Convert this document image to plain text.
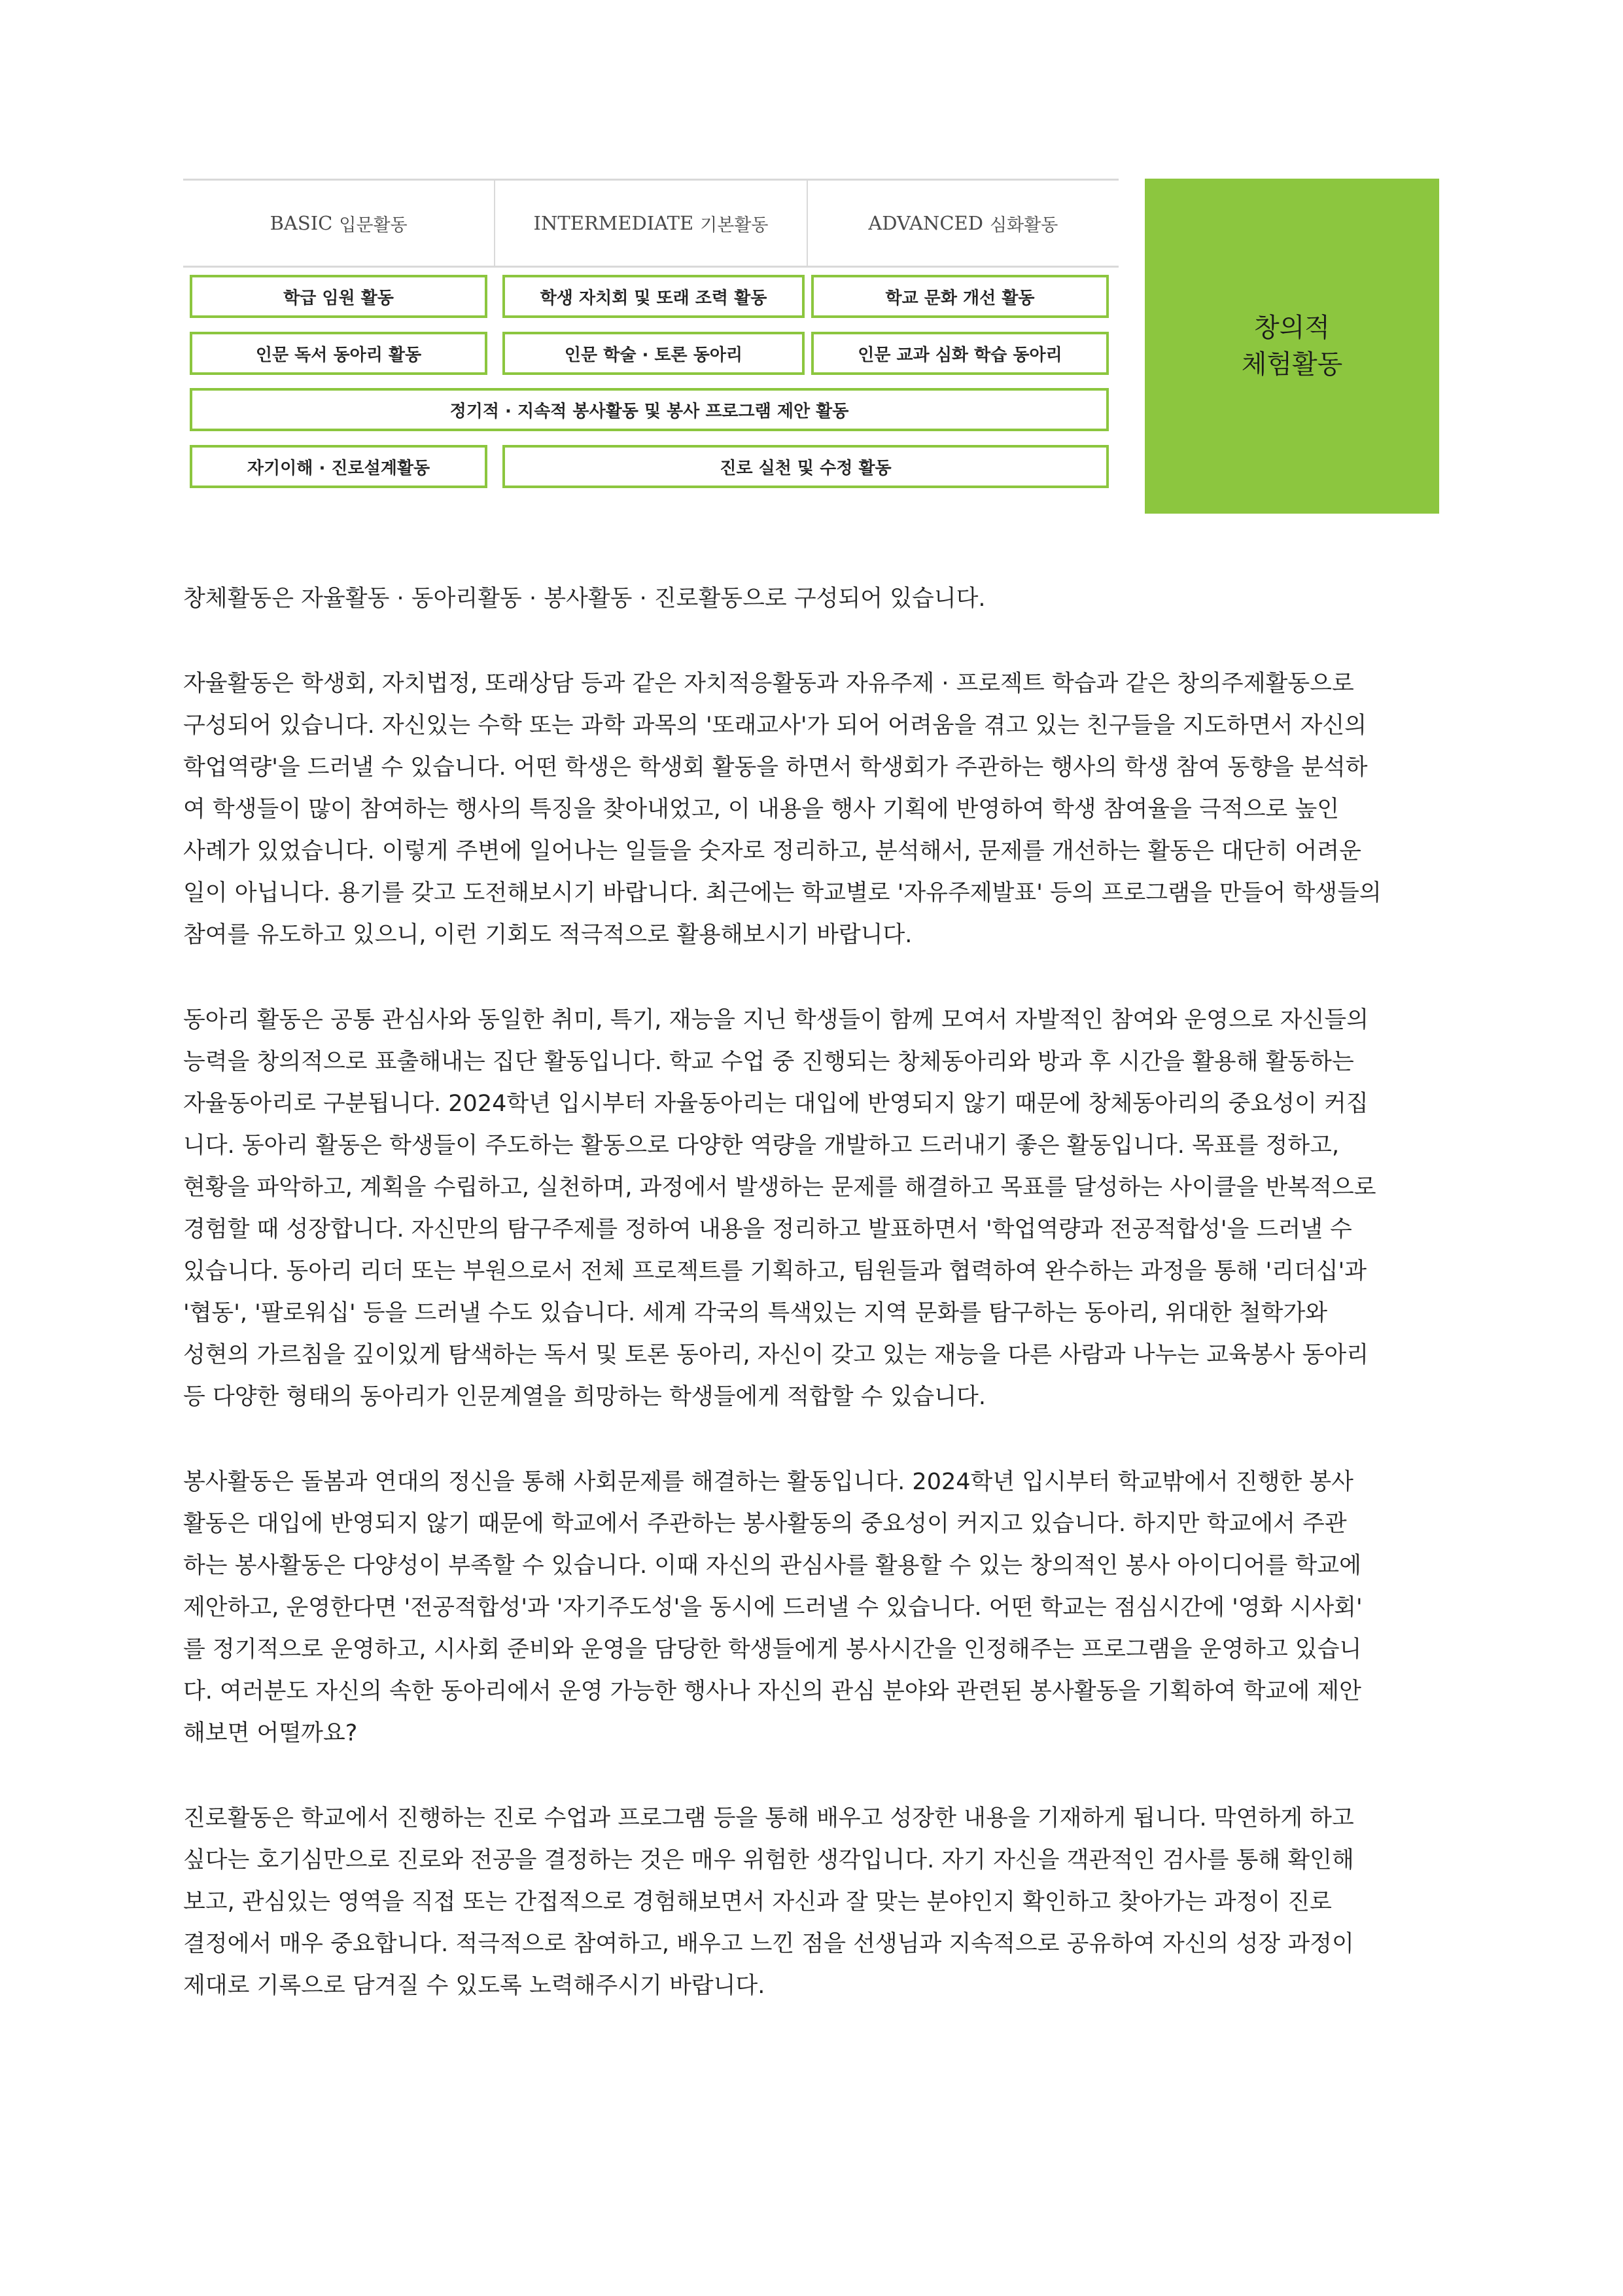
BASIC 입문활동	INTERMEDIATE 기본활동	ADVANCED 심화활동
학급 임원 활동	학생 자치회 및 또래 조력 활동	학교 문화 개선 활동
인문 독서 동아리 활동	인문 학술 · 토론 동아리	인문 교과 심화 학습 동아리
정기적 · 지속적 봉사활동 및 봉사 프로그램 제안 활동
자기이해 · 진로설계활동	진로 실천 및 수정 활동
창의적
체험활동
창체활동은 자율활동 · 동아리활동 · 봉사활동 · 진로활동으로 구성되어 있습니다.
자율활동은 학생회, 자치법정, 또래상담 등과 같은 자치적응활동과 자유주제 · 프로젝트 학습과 같은 창의주제활동으로
구성되어 있습니다. 자신있는 수학 또는 과학 과목의 '또래교사'가 되어 어려움을 겪고 있는 친구들을 지도하면서 자신의
학업역량'을 드러낼 수 있습니다. 어떤 학생은 학생회 활동을 하면서 학생회가 주관하는 행사의 학생 참여 동향을 분석하
여 학생들이 많이 참여하는 행사의 특징을 찾아내었고, 이 내용을 행사 기획에 반영하여 학생 참여율을 극적으로 높인
사례가 있었습니다. 이렇게 주변에 일어나는 일들을 숫자로 정리하고, 분석해서, 문제를 개선하는 활동은 대단히 어려운
일이 아닙니다. 용기를 갖고 도전해보시기 바랍니다. 최근에는 학교별로 '자유주제발표' 등의 프로그램을 만들어 학생들의
참여를 유도하고 있으니, 이런 기회도 적극적으로 활용해보시기 바랍니다.
동아리 활동은 공통 관심사와 동일한 취미, 특기, 재능을 지닌 학생들이 함께 모여서 자발적인 참여와 운영으로 자신들의
능력을 창의적으로 표출해내는 집단 활동입니다. 학교 수업 중 진행되는 창체동아리와 방과 후 시간을 활용해 활동하는
자율동아리로 구분됩니다. 2024학년 입시부터 자율동아리는 대입에 반영되지 않기 때문에 창체동아리의 중요성이 커집
니다. 동아리 활동은 학생들이 주도하는 활동으로 다양한 역량을 개발하고 드러내기 좋은 활동입니다. 목표를 정하고,
현황을 파악하고, 계획을 수립하고, 실천하며, 과정에서 발생하는 문제를 해결하고 목표를 달성하는 사이클을 반복적으로
경험할 때 성장합니다. 자신만의 탐구주제를 정하여 내용을 정리하고 발표하면서 '학업역량과 전공적합성'을 드러낼 수
있습니다. 동아리 리더 또는 부원으로서 전체 프로젝트를 기획하고, 팀원들과 협력하여 완수하는 과정을 통해 '리더십'과
'협동', '팔로워십' 등을 드러낼 수도 있습니다. 세계 각국의 특색있는 지역 문화를 탐구하는 동아리, 위대한 철학가와
성현의 가르침을 깊이있게 탐색하는 독서 및 토론 동아리, 자신이 갖고 있는 재능을 다른 사람과 나누는 교육봉사 동아리
등 다양한 형태의 동아리가 인문계열을 희망하는 학생들에게 적합할 수 있습니다.
봉사활동은 돌봄과 연대의 정신을 통해 사회문제를 해결하는 활동입니다. 2024학년 입시부터 학교밖에서 진행한 봉사
활동은 대입에 반영되지 않기 때문에 학교에서 주관하는 봉사활동의 중요성이 커지고 있습니다. 하지만 학교에서 주관
하는 봉사활동은 다양성이 부족할 수 있습니다. 이때 자신의 관심사를 활용할 수 있는 창의적인 봉사 아이디어를 학교에
제안하고, 운영한다면 '전공적합성'과 '자기주도성'을 동시에 드러낼 수 있습니다. 어떤 학교는 점심시간에 '영화 시사회'
를 정기적으로 운영하고, 시사회 준비와 운영을 담당한 학생들에게 봉사시간을 인정해주는 프로그램을 운영하고 있습니
다. 여러분도 자신의 속한 동아리에서 운영 가능한 행사나 자신의 관심 분야와 관련된 봉사활동을 기획하여 학교에 제안
해보면 어떨까요?
진로활동은 학교에서 진행하는 진로 수업과 프로그램 등을 통해 배우고 성장한 내용을 기재하게 됩니다. 막연하게 하고
싶다는 호기심만으로 진로와 전공을 결정하는 것은 매우 위험한 생각입니다. 자기 자신을 객관적인 검사를 통해 확인해
보고, 관심있는 영역을 직접 또는 간접적으로 경험해보면서 자신과 잘 맞는 분야인지 확인하고 찾아가는 과정이 진로
결정에서 매우 중요합니다. 적극적으로 참여하고, 배우고 느낀 점을 선생님과 지속적으로 공유하여 자신의 성장 과정이
제대로 기록으로 담겨질 수 있도록 노력해주시기 바랍니다.
